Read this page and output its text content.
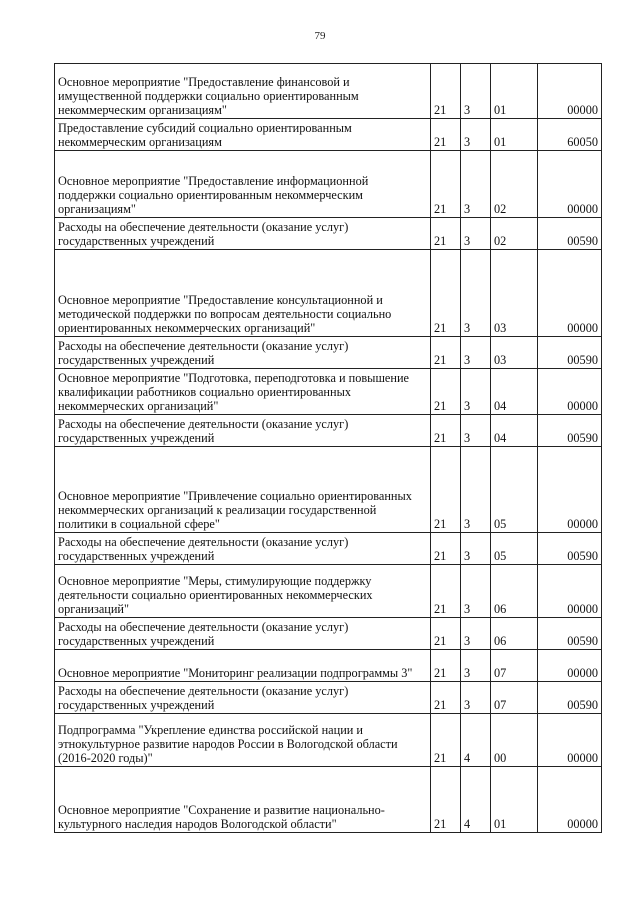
79
Основное мероприятие "Предоставление финансовой и имущественной поддержки социально ориентированным некоммерческим организациям"	21	3	01	00000
Предоставление субсидий социально ориентированным некоммерческим организациям	21	3	01	60050
Основное мероприятие "Предоставление информационной поддержки социально ориентированным некоммерческим организациям"	21	3	02	00000
Расходы на обеспечение деятельности (оказание услуг) государственных учреждений	21	3	02	00590
Основное мероприятие "Предоставление консультационной и методической поддержки по вопросам деятельности социально ориентированных некоммерческих организаций"	21	3	03	00000
Расходы на обеспечение деятельности (оказание услуг) государственных учреждений	21	3	03	00590
Основное мероприятие "Подготовка, переподготовка и повышение квалификации работников социально ориентированных некоммерческих организаций"	21	3	04	00000
Расходы на обеспечение деятельности (оказание услуг) государственных учреждений	21	3	04	00590
Основное мероприятие "Привлечение социально ориентированных некоммерческих организаций к реализации государственной политики в социальной сфере"	21	3	05	00000
Расходы на обеспечение деятельности (оказание услуг) государственных учреждений	21	3	05	00590
Основное мероприятие "Меры, стимулирующие поддержку деятельности социально ориентированных некоммерческих организаций"	21	3	06	00000
Расходы на обеспечение деятельности (оказание услуг) государственных учреждений	21	3	06	00590
Основное мероприятие "Мониторинг реализации подпрограммы 3"	21	3	07	00000
Расходы на обеспечение деятельности (оказание услуг) государственных учреждений	21	3	07	00590
Подпрограмма "Укрепление единства российской нации и этнокультурное развитие народов России в Вологодской области (2016-2020 годы)"	21	4	00	00000
Основное мероприятие "Сохранение и развитие национально-культурного наследия народов Вологодской области"	21	4	01	00000
